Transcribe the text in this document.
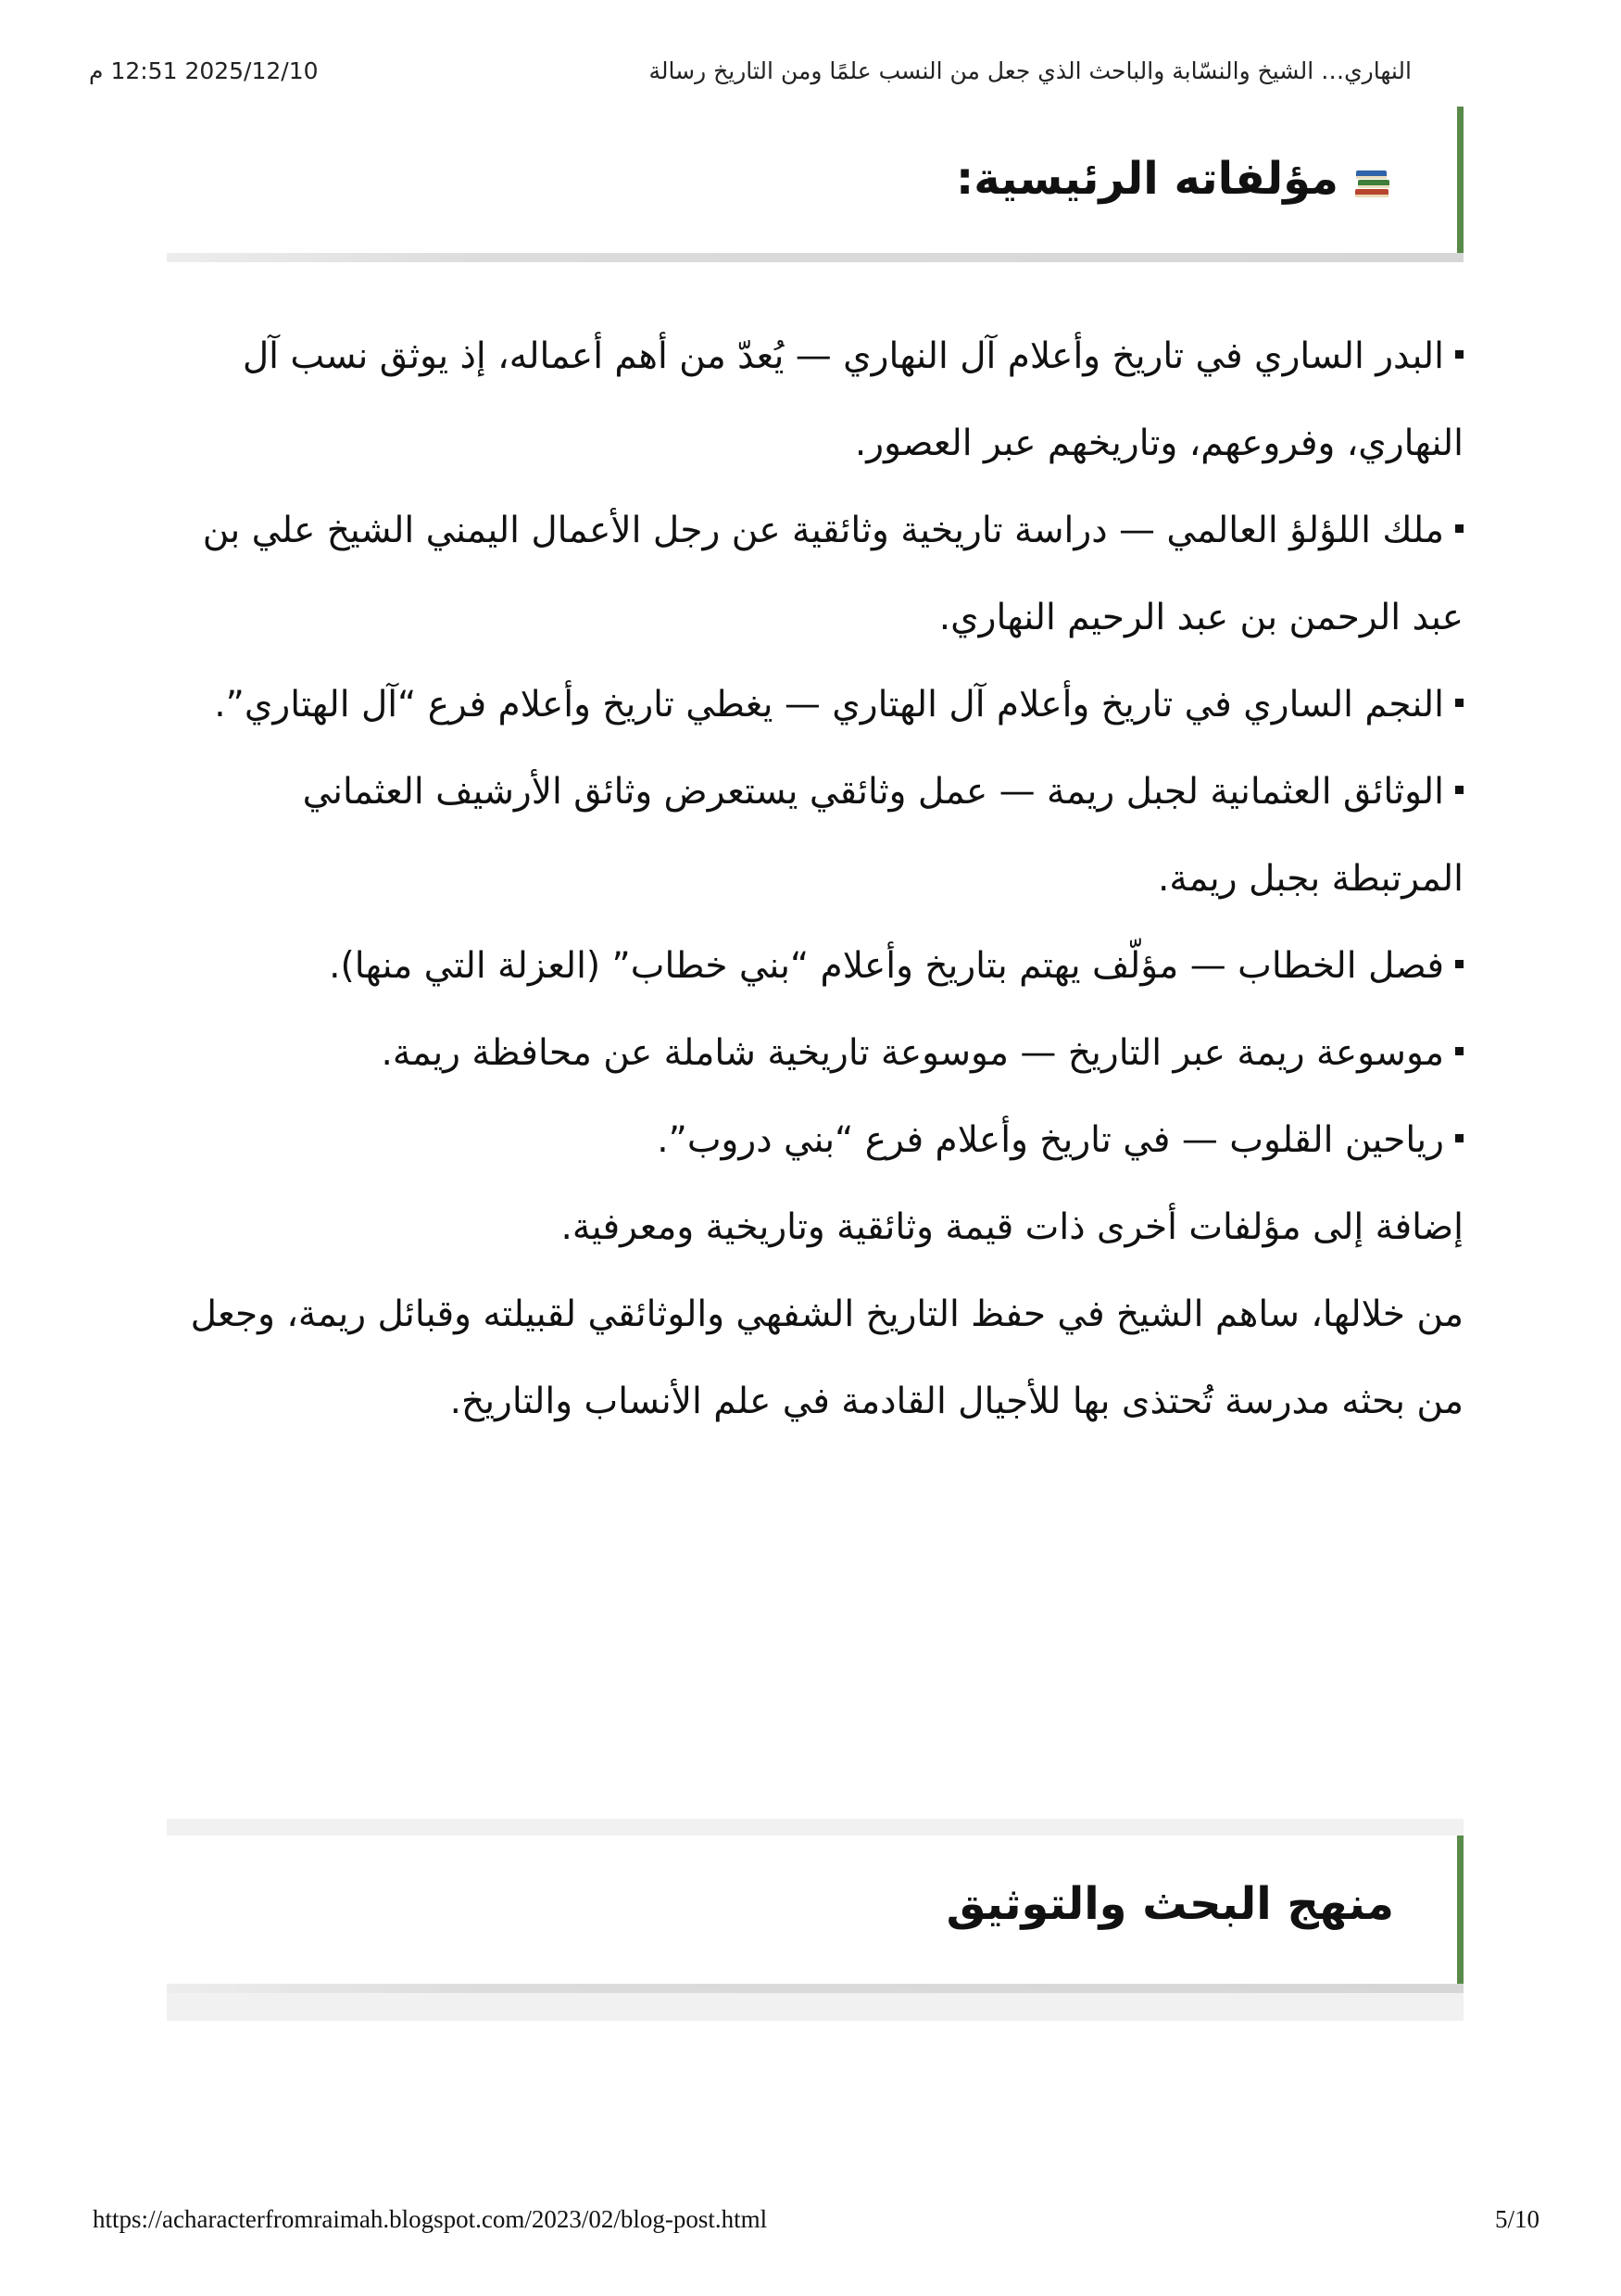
2025/12/10 12:51 م	النهاري… الشيخ والنسّابة والباحث الذي جعل من النسب علمًا ومن التاريخ رسالة
مؤلفاته الرئيسية:

البدر الساري في تاريخ وأعلام آل النهاري — يُعدّ من أهم أعماله، إذ يوثق نسب آل النهاري، وفروعهم، وتاريخهم عبر العصور.

ملك اللؤلؤ العالمي — دراسة تاريخية وثائقية عن رجل الأعمال اليمني الشيخ علي بن عبد الرحمن بن عبد الرحيم النهاري.

النجم الساري في تاريخ وأعلام آل الهتاري — يغطي تاريخ وأعلام فرع “آل الهتاري”.

الوثائق العثمانية لجبل ريمة — عمل وثائقي يستعرض وثائق الأرشيف العثماني المرتبطة بجبل ريمة.

فصل الخطاب — مؤلّف يهتم بتاريخ وأعلام “بني خطاب” (العزلة التي منها).

موسوعة ريمة عبر التاريخ — موسوعة تاريخية شاملة عن محافظة ريمة.

رياحين القلوب — في تاريخ وأعلام فرع “بني دروب”.

إضافة إلى مؤلفات أخرى ذات قيمة وثائقية وتاريخية ومعرفية.

من خلالها، ساهم الشيخ في حفظ التاريخ الشفهي والوثائقي لقبيلته وقبائل ريمة، وجعل من بحثه مدرسة تُحتذى بها للأجيال القادمة في علم الأنساب والتاريخ.

منهج البحث والتوثيق
https://acharacterfromraimah.blogspot.com/2023/02/blog-post.html	5/10
